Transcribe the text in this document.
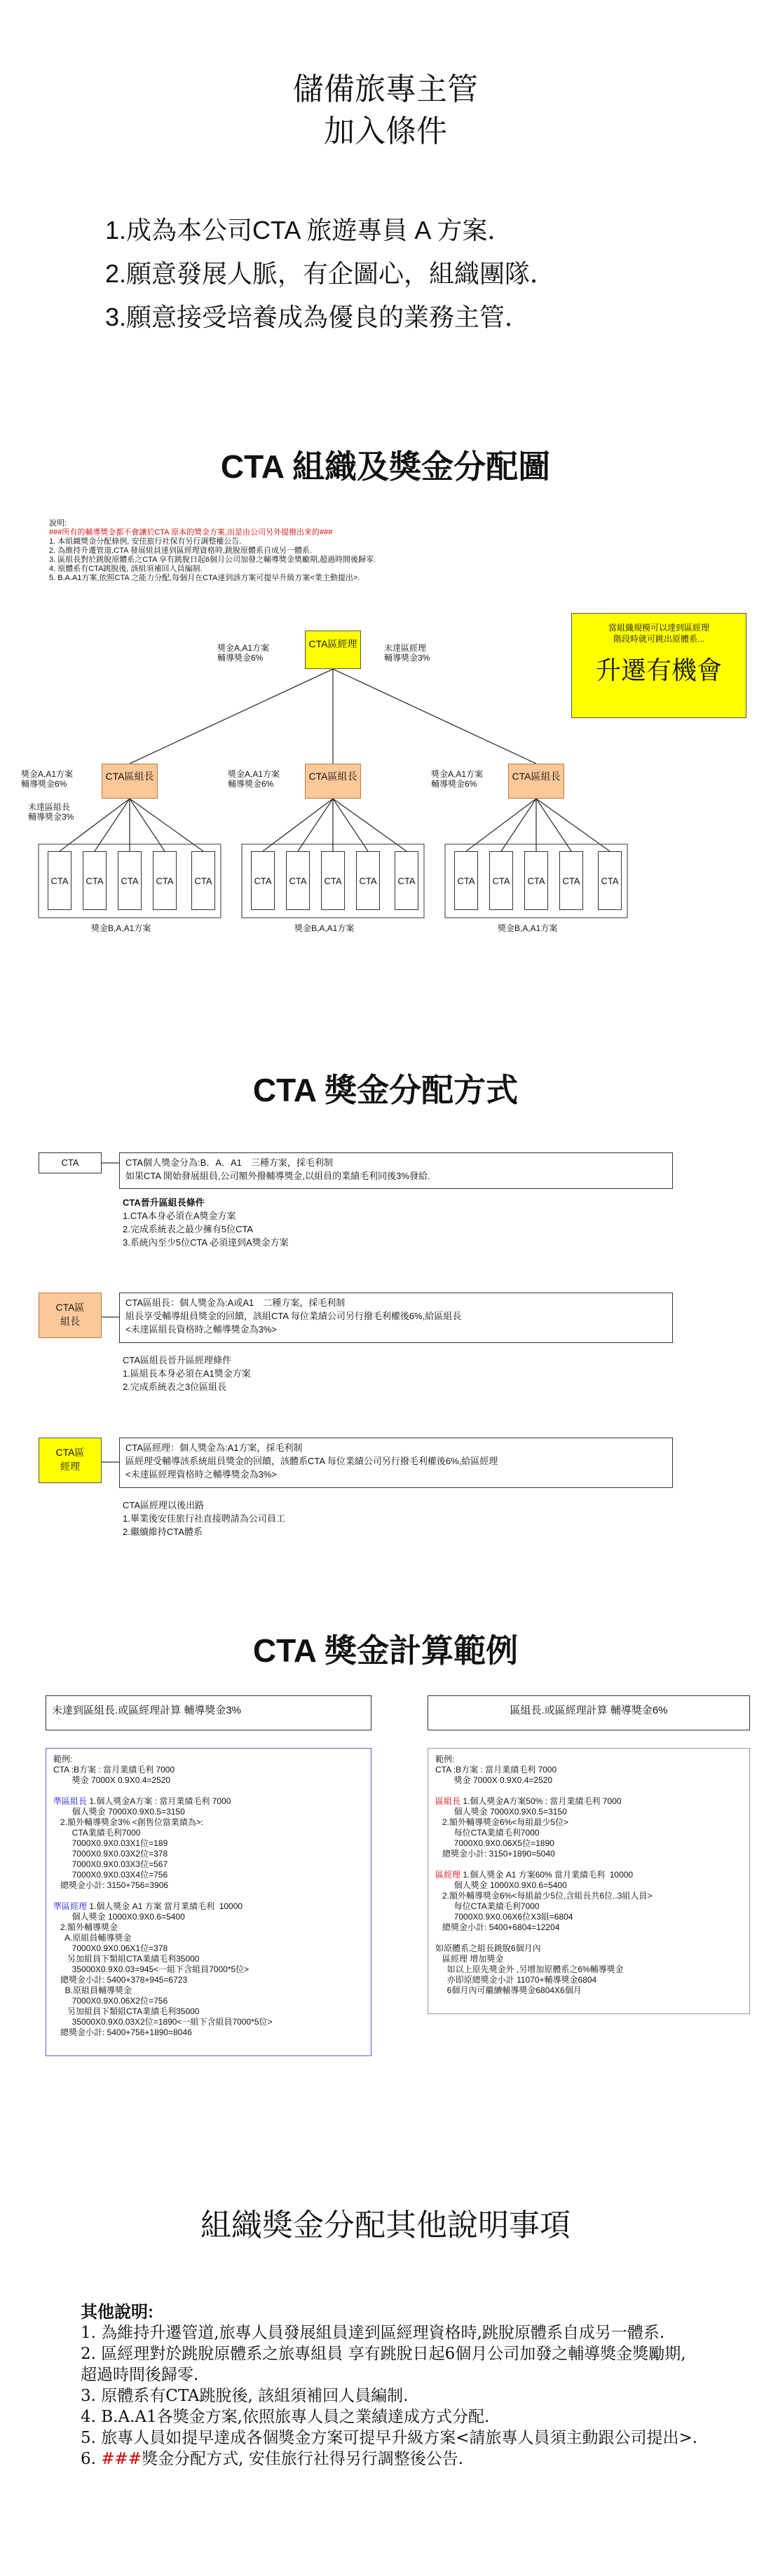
儲備旅專主管
加入條件
1.成為本公司CTA 旅遊專員 A 方案．
2.願意發展人脈，有企圖心，組織團隊．
3.願意接受培養成為優良的業務主管．
CTA 組織及獎金分配圖
說明:
###所有的輔導獎金都不會讓於CTA 原本的獎金方案,而是由公司另外提撥出來的###
1. 本組織獎金分配條例, 安佳旅行社保有另行調整權公告.
2. 為維持升遷管道,CTA 發展組員達到區經理資格時,跳脫原體系自成另一體系.
3. 區組長對於跳脫原體系之CTA 享有跳脫日起6個月公司加發之輔導獎金獎勵期,超過時間後歸零.
4. 原體系有CTA跳脫後, 該組須補回人員編制.
5. B.A.A1方案,依照CTA 之能力分配,每個月在CTA達到該方案可提早升級方案<業主動提出>.
CTA區經理
獎金A,A1方案
輔導獎金6%
未達區經理
輔導獎金3%
CTA區組長	CTA區組長	CTA區組長
獎金A,A1方案
輔導獎金6%
未達區組長
輔導獎金3%
獎金A,A1方案
輔導獎金6%
獎金A,A1方案
輔導獎金6%
CTA CTA CTA CTA CTA	CTA CTA CTA CTA CTA	CTA CTA CTA CTA CTA
獎金B,A,A1方案	獎金B,A,A1方案	獎金B,A,A1方案
當組織規模可以達到區經理
階段時就可跳出原體系...
升遷有機會
CTA 獎金分配方式
CTA	CTA個人獎金分為:B．A．A1　三種方案，採毛利制
如果CTA 開始發展組員,公司額外撥輔導獎金,以組員的業績毛利同後3%發給.
CTA晉升區組長條件
1.CTA本身必須在A獎金方案
2.完成系統表之最少擁有5位CTA
3.系統內至少5位CTA 必須達到A獎金方案
CTA區
組長
CTA區組長：個人獎金為:A或A1　二種方案，採毛利制
組長享受輔導組員獎金的回饋，該組CTA 每位業績公司另行撥毛利權後6%,給區組長
<未達區組長資格時之輔導獎金為3%>
CTA區組長晉升區經理條件
1.區組長本身必須在A1獎金方案
2.完成系統表之3位區組長
CTA區
經理
CTA區經理：個人獎金為:A1方案，採毛利制
區經理受輔導該系統組員獎金的回饋，該體系CTA 每位業績公司另行撥毛利權後6%,給區經理
<未達區經理資格時之輔導獎金為3%>
CTA區經理以後出路
1.畢業後安佳旅行社直接聘請為公司員工
2.繼續維持CTA體系
CTA 獎金計算範例
未達到區組長.或區經理計算 輔導獎金3%	區組長.或區經理計算 輔導獎金6%
範例:
CTA :B方案 : 當月業績毛利 7000
獎金 7000X 0.9X0.4=2520
準區組長 1.個人獎金A方案 : 當月業績毛利 7000
個人獎金 7000X0.9X0.5=3150
2.額外輔導獎金3% <創售位當業績為>:
CTA業績毛利7000
7000X0.9X0.03X1位=189
7000X0.9X0.03X2位=378
7000X0.9X0.03X3位=567
7000X0.9X0.03X4位=756
總獎金小計: 3150+756=3906
準區經理 1.個人獎金 A1 方案 當月業績毛利  10000
個人獎金 1000X0.9X0.6=5400
2.額外輔導獎金
A.原組員輔導獎金
7000X0.9X0.06X1位=378
另加組員下類組CTA業績毛利35000
35000X0.9X0.03=945<一組下含組員7000*5位>
總獎金小計: 5400+378+945=6723
B.原組員輔導獎金
7000X0.9X0.06X2位=756
另加組員下類組CTA業績毛利35000
35000X0.9X0.03X2位=1890<一組下含組員7000*5位>
總獎金小計: 5400+756+1890=8046
範例:
CTA :B方案 : 當月業績毛利 7000
獎金 7000X 0.9X0.4=2520
區組長 1.個人獎金A方案50% : 當月業績毛利 7000
個人獎金 7000X0.9X0.5=3150
2.額外輔導獎金6%<每組最少5位>
每位CTA業績毛利7000
7000X0.9X0.06X5位=1890
總獎金小計: 3150+1890=5040
區經理 1.個人獎金 A1 方案60% 當月業績毛利  10000
個人獎金 1000X0.9X0.6=5400
2.額外輔導獎金6%<每組最少5位,含組長共6位..3組人員>
每位CTA業績毛利7000
7000X0.9X0.06X6位X3組=6804
總獎金小計: 5400+6804=12204
如原體系之組長跳脫6個月內
區經理 增加獎金
如以上原先獎金外 ,另增加原體系之6%輔導獎金
亦即原總獎金小計 11070+輔導獎金6804
6個月內可繼續輔導獎金6804X6個月
組織獎金分配其他說明事項
其他說明:
1. 為維持升遷管道,旅專人員發展組員達到區經理資格時,跳脫原體系自成另一體系.
2. 區經理對於跳脫原體系之旅專組員 享有跳脫日起6個月公司加發之輔導獎金獎勵期,
超過時間後歸零.
3. 原體系有CTA跳脫後, 該組須補回人員編制.
4. B.A.A1各獎金方案,依照旅專人員之業績達成方式分配.
5. 旅專人員如提早達成各個獎金方案可提早升級方案<請旅專人員須主動跟公司提出>.
6. ###獎金分配方式, 安佳旅行社得另行調整後公告.
